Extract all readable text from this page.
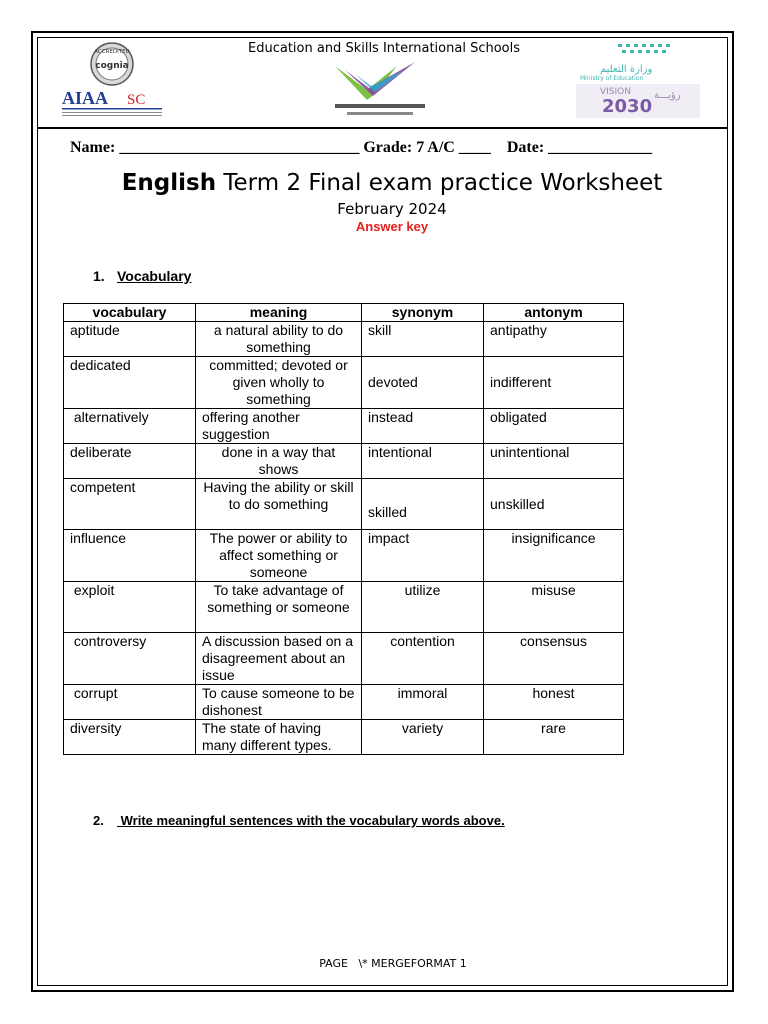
Education and Skills International Schools
ACCREDITED
cognia
AIAA SC
وزارة التعليم
Ministry of Education
VISION
2030
رؤيـــة
Name: ______________________________ Grade: 7 A/C ____ Date: _____________
English Term 2 Final exam practice Worksheet
February 2024
Answer key
1. Vocabulary
vocabulary	meaning	synonym	antonym
aptitude	a natural ability to do something	skill	antipathy
dedicated	committed; devoted or given wholly to something	devoted	indifferent
alternatively	offering another suggestion	instead	obligated
deliberate	done in a way that shows	intentional	unintentional
competent	Having the ability or skill to do something	skilled	unskilled
influence	The power or ability to affect something or someone	impact	insignificance
exploit	To take advantage of something or someone	utilize	misuse
controversy	A discussion based on a disagreement about an issue	contention	consensus
corrupt	To cause someone to be dishonest	immoral	honest
diversity	The state of having many different types.	variety	rare
2. Write meaningful sentences with the vocabulary words above.
PAGE   \* MERGEFORMAT 1
